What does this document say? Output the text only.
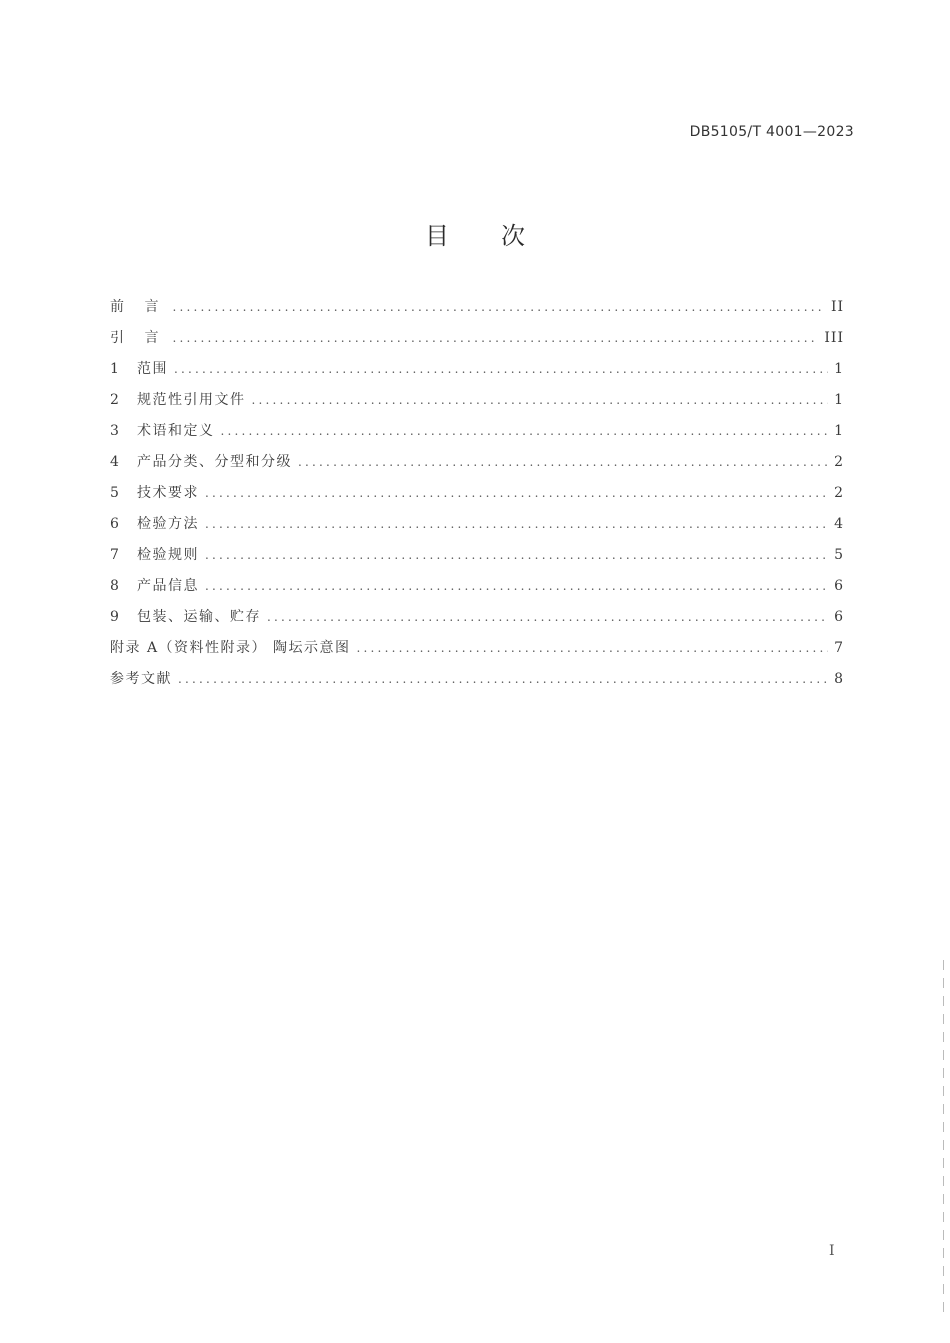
DB5105/T 4001—2023
目 次
前 言 .....	II
引 言 .....	III
1	范围 .....	1
2	规范性引用文件 .....	1
3	术语和定义 .....	1
4	产品分类、分型和分级 .....	2
5	技术要求 .....	2
6	检验方法 .....	4
7	检验规则 .....	5
8	产品信息 .....	6
9	包装、运输、贮存 .....	6
附录 A（资料性附录） 陶坛示意图 .....	7
参考文献 .....	8
I
